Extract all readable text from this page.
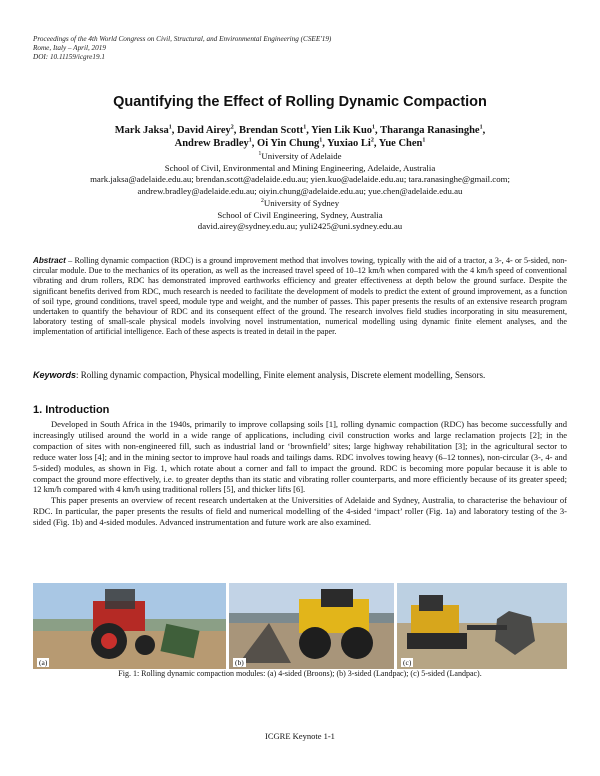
Proceedings of the 4th World Congress on Civil, Structural, and Environmental Engineering (CSEE'19)
Rome, Italy – April, 2019
DOI: 10.11159/icgre19.1
Quantifying the Effect of Rolling Dynamic Compaction
Mark Jaksa$^1$, David Airey$^2$, Brendan Scott$^1$, Yien Lik Kuo$^1$, Tharanga Ranasinghe$^1$,
Andrew Bradley$^1$, Oi Yin Chung$^1$, Yuxiao Li$^2$, Yue Chen$^1$
$^1$University of Adelaide
School of Civil, Environmental and Mining Engineering, Adelaide, Australia
mark.jaksa@adelaide.edu.au; brendan.scott@adelaide.edu.au; yien.kuo@adelaide.edu.au; tara.ranasinghe@gmail.com;
andrew.bradley@adelaide.edu.au; oiyin.chung@adelaide.edu.au; yue.chen@adelaide.edu.au
$^2$University of Sydney
School of Civil Engineering, Sydney, Australia
david.airey@sydney.edu.au; yuli2425@uni.sydney.edu.au
Abstract – Rolling dynamic compaction (RDC) is a ground improvement method that involves towing, typically with the aid of a tractor, a 3-, 4- or 5-sided, non-circular module. Due to the mechanics of its operation, as well as the increased travel speed of 10–12 km/h when compared with the 4 km/h speed of conventional vibrating and drum rollers, RDC has demonstrated improved earthworks efficiency and greater effectiveness at depth below the ground surface. Despite the significant benefits derived from RDC, much research is needed to facilitate the development of models to predict the extent of ground improvement, as a function of soil type, ground conditions, travel speed, module type and weight, and the number of passes. This paper presents the results of an extensive research program undertaken to quantify the behaviour of RDC and its consequent effect of the ground. The research involves field studies incorporating in situ measurement, laboratory testing of small-scale physical models involving novel instrumentation, numerical modelling using dynamic finite element analyses, and the implementation of artificial intelligence. Each of these aspects is treated in detail in the paper.
Keywords: Rolling dynamic compaction, Physical modelling, Finite element analysis, Discrete element modelling, Sensors.
1. Introduction

Developed in South Africa in the 1940s, primarily to improve collapsing soils [1], rolling dynamic compaction (RDC) has become successfully and increasingly utilised around the world in a wide range of applications, including civil construction works and large reclamation projects [2]; in the compaction of sites with non-engineered fill, such as industrial land or ‘brownfield’ sites; large highway rehabilitation [3]; in the agricultural sector to reduce water loss [4]; and in the mining sector to improve haul roads and tailings dams. RDC involves towing heavy (6–12 tonnes), non-circular (3-, 4- and 5-sided) modules, as shown in Fig. 1, which rotate about a corner and fall to impact the ground. RDC is becoming more popular because it is able to compact the ground more effectively, i.e. to greater depths than its static and vibrating roller counterparts, and more efficiently because of its greater speed; 12 km/h compared with 4 km/h using traditional rollers [5], and thicker lifts [6].

This paper presents an overview of recent research undertaken at the Universities of Adelaide and Sydney, Australia, to characterise the behaviour of RDC. In particular, the paper presents the results of field and numerical modelling of the 4-sided ‘impact’ roller (Fig. 1a) and laboratory testing of the 3-sided (Fig. 1b) and 4-sided modules. Advanced instrumentation and future work are also examined.

(a)	(b)	(c)
Fig. 1: Rolling dynamic compaction modules: (a) 4-sided (Broons); (b) 3-sided (Landpac); (c) 5-sided (Landpac).
ICGRE Keynote 1-1
